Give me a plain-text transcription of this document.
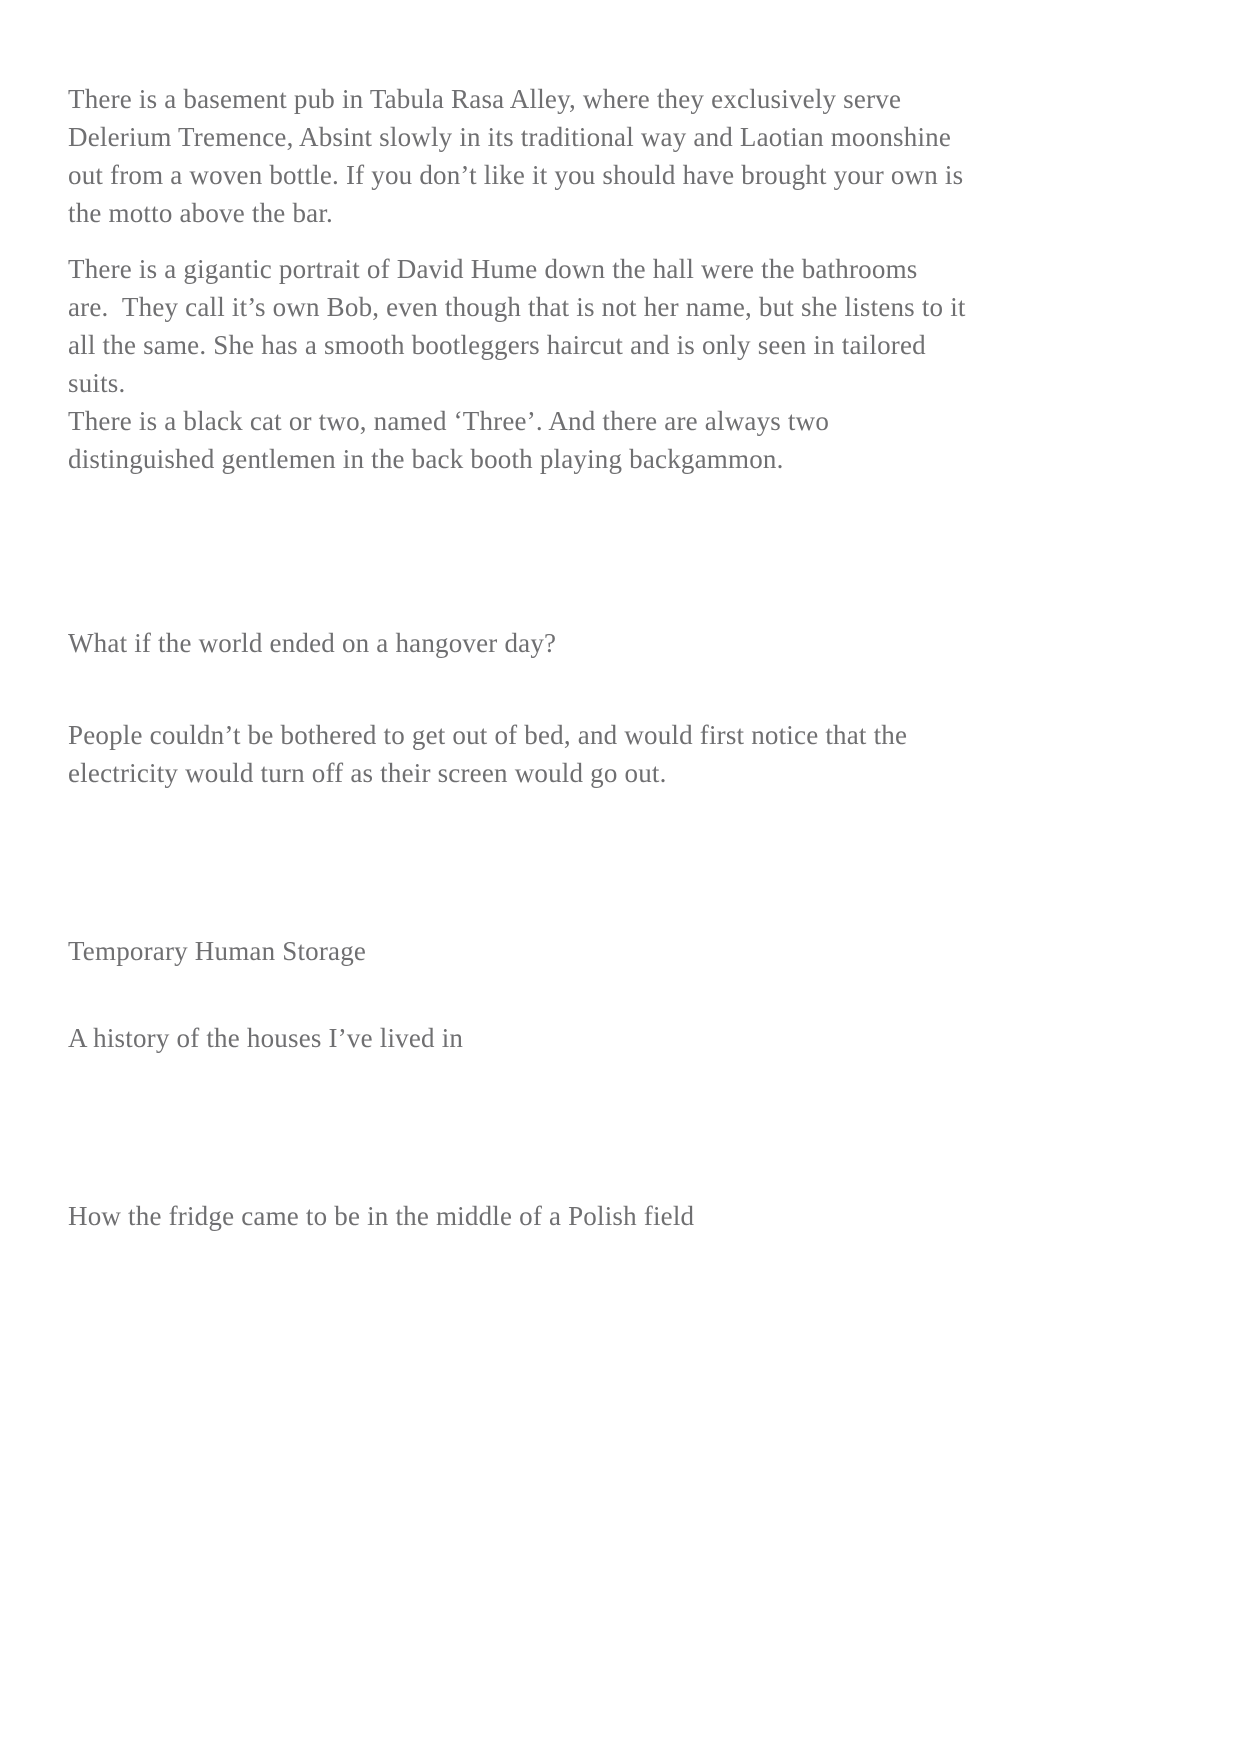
There is a basement pub in Tabula Rasa Alley, where they exclusively serve
Delerium Tremence, Absint slowly in its traditional way and Laotian moonshine
out from a woven bottle. If you don’t like it you should have brought your own is
the motto above the bar.
There is a gigantic portrait of David Hume down the hall were the bathrooms
are.  They call it’s own Bob, even though that is not her name, but she listens to it
all the same. She has a smooth bootleggers haircut and is only seen in tailored
suits.
There is a black cat or two, named ‘Three’. And there are always two
distinguished gentlemen in the back booth playing backgammon.
What if the world ended on a hangover day?
People couldn’t be bothered to get out of bed, and would first notice that the
electricity would turn off as their screen would go out.
Temporary Human Storage
A history of the houses I’ve lived in
How the fridge came to be in the middle of a Polish field
